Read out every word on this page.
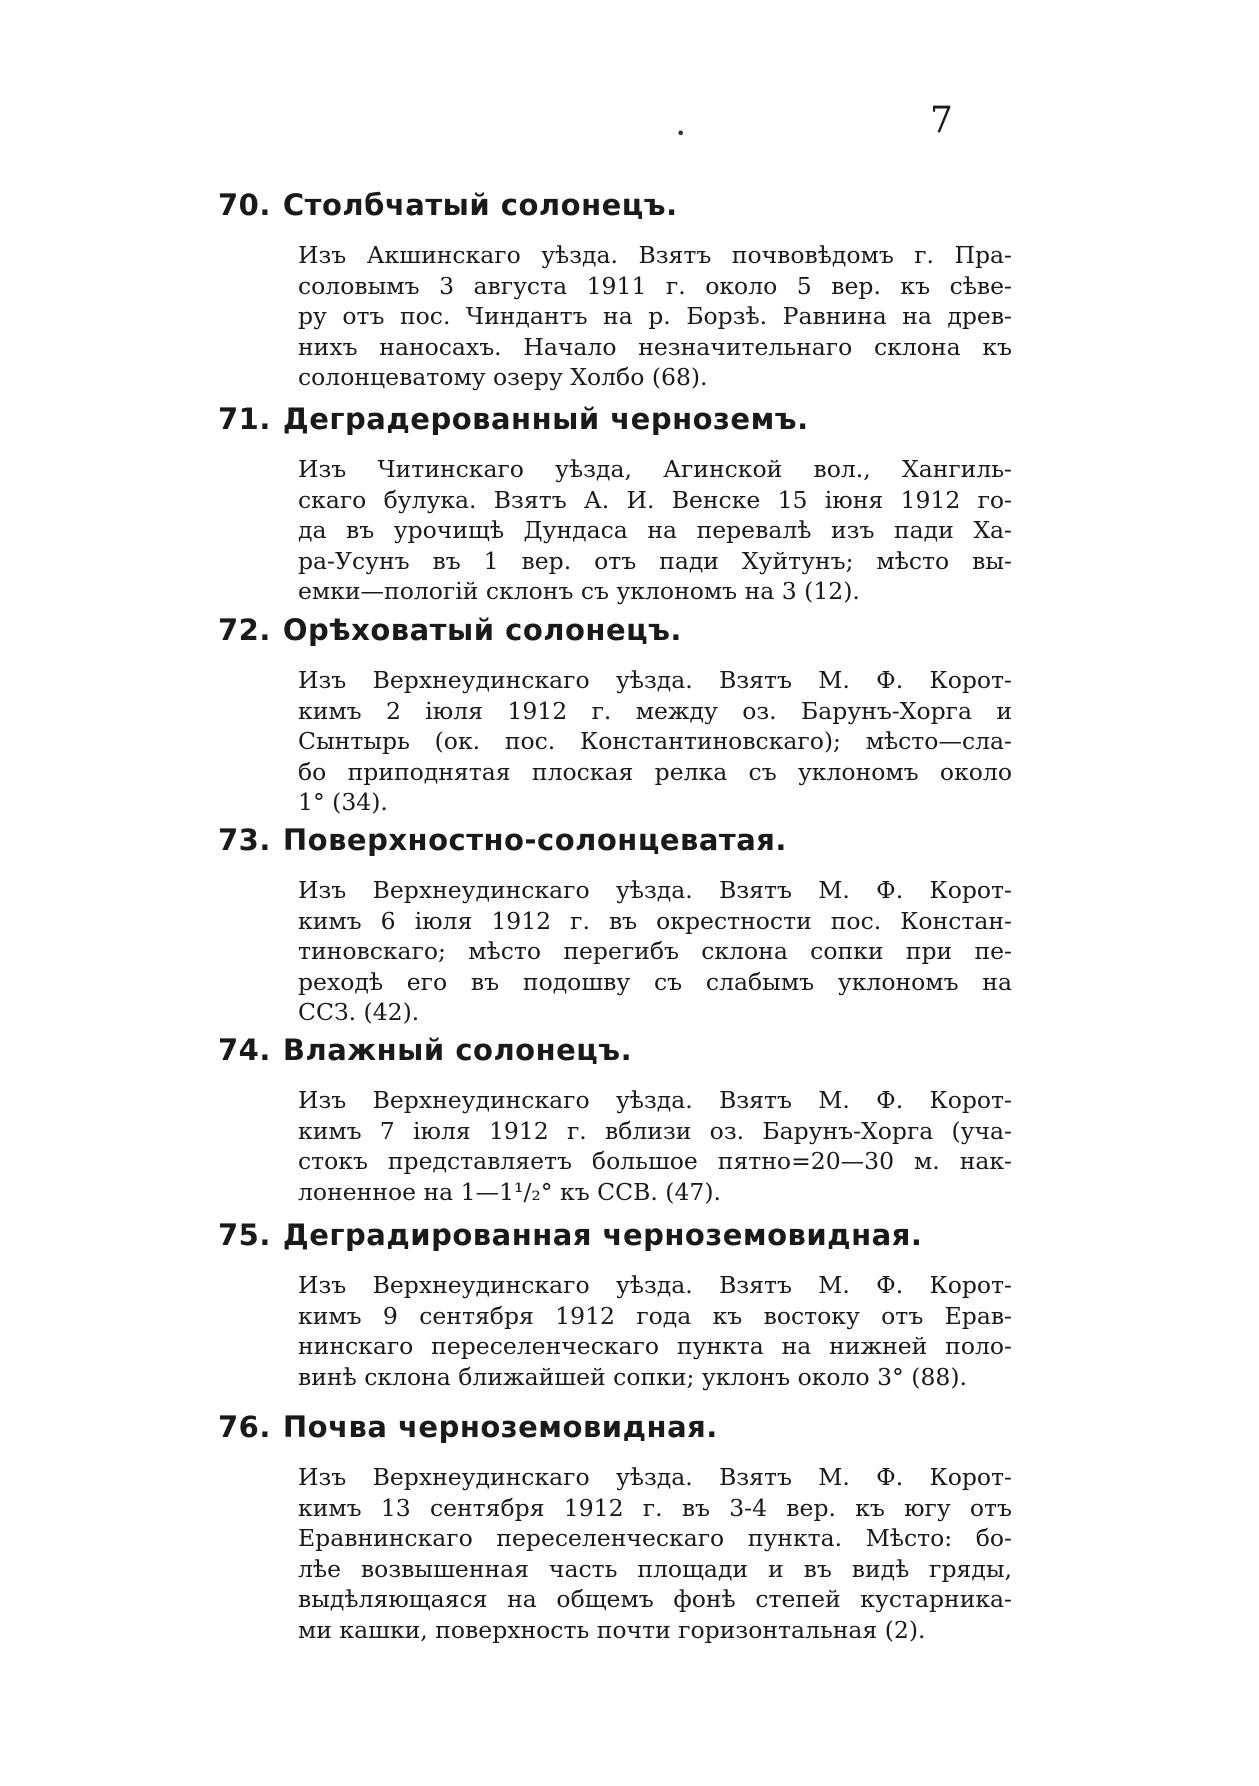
7
•
70. Столбчатый солонецъ.

Изъ Акшинскаго уѣзда. Взятъ почвовѣдомъ г. Пра-
соловымъ 3 августа 1911 г. около 5 вер. къ сѣве-
ру отъ пос. Чиндантъ на р. Борзѣ. Равнина на древ-
нихъ наносахъ. Начало незначительнаго склона къ
солонцеватому озеру Холбо (68).

71. Деградерованный черноземъ.

Изъ Читинскаго уѣзда, Агинской вол., Хангиль-
скаго булука. Взятъ А. И. Венске 15 іюня 1912 го-
да въ урочищѣ Дундаса на перевалѣ изъ пади Ха-
ра-Усунъ въ 1 вер. отъ пади Хуйтунъ; мѣсто вы-
емки—пологій склонъ съ уклономъ на 3 (12).

72. Орѣховатый солонецъ.

Изъ Верхнеудинскаго уѣзда. Взятъ М. Ф. Корот-
кимъ 2 іюля 1912 г. между оз. Барунъ-Хорга и
Сынтырь (ок. пос. Константиновскаго); мѣсто—сла-
бо приподнятая плоская релка съ уклономъ около
1° (34).

73. Поверхностно-солонцеватая.

Изъ Верхнеудинскаго уѣзда. Взятъ М. Ф. Корот-
кимъ 6 іюля 1912 г. въ окрестности пос. Констан-
тиновскаго; мѣсто перегибъ склона сопки при пе-
реходѣ его въ подошву съ слабымъ уклономъ на
ССЗ. (42).

74. Влажный солонецъ.

Изъ Верхнеудинскаго уѣзда. Взятъ М. Ф. Корот-
кимъ 7 іюля 1912 г. вблизи оз. Барунъ-Хорга (уча-
стокъ представляетъ большое пятно=20—30 м. нак-
лоненное на 1—1¹/₂° къ ССВ. (47).

75. Деградированная черноземовидная.

Изъ Верхнеудинскаго уѣзда. Взятъ М. Ф. Корот-
кимъ 9 сентября 1912 года къ востоку отъ Ерав-
нинскаго переселенческаго пункта на нижней поло-
винѣ склона ближайшей сопки; уклонъ около 3° (88).

76. Почва черноземовидная.

Изъ Верхнеудинскаго уѣзда. Взятъ М. Ф. Корот-
кимъ 13 сентября 1912 г. въ 3-4 вер. къ югу отъ
Еравнинскаго переселенческаго пункта. Мѣсто: бо-
лѣе возвышенная часть площади и въ видѣ гряды,
выдѣляющаяся на общемъ фонѣ степей кустарника-
ми кашки, поверхность почти горизонтальная (2).
